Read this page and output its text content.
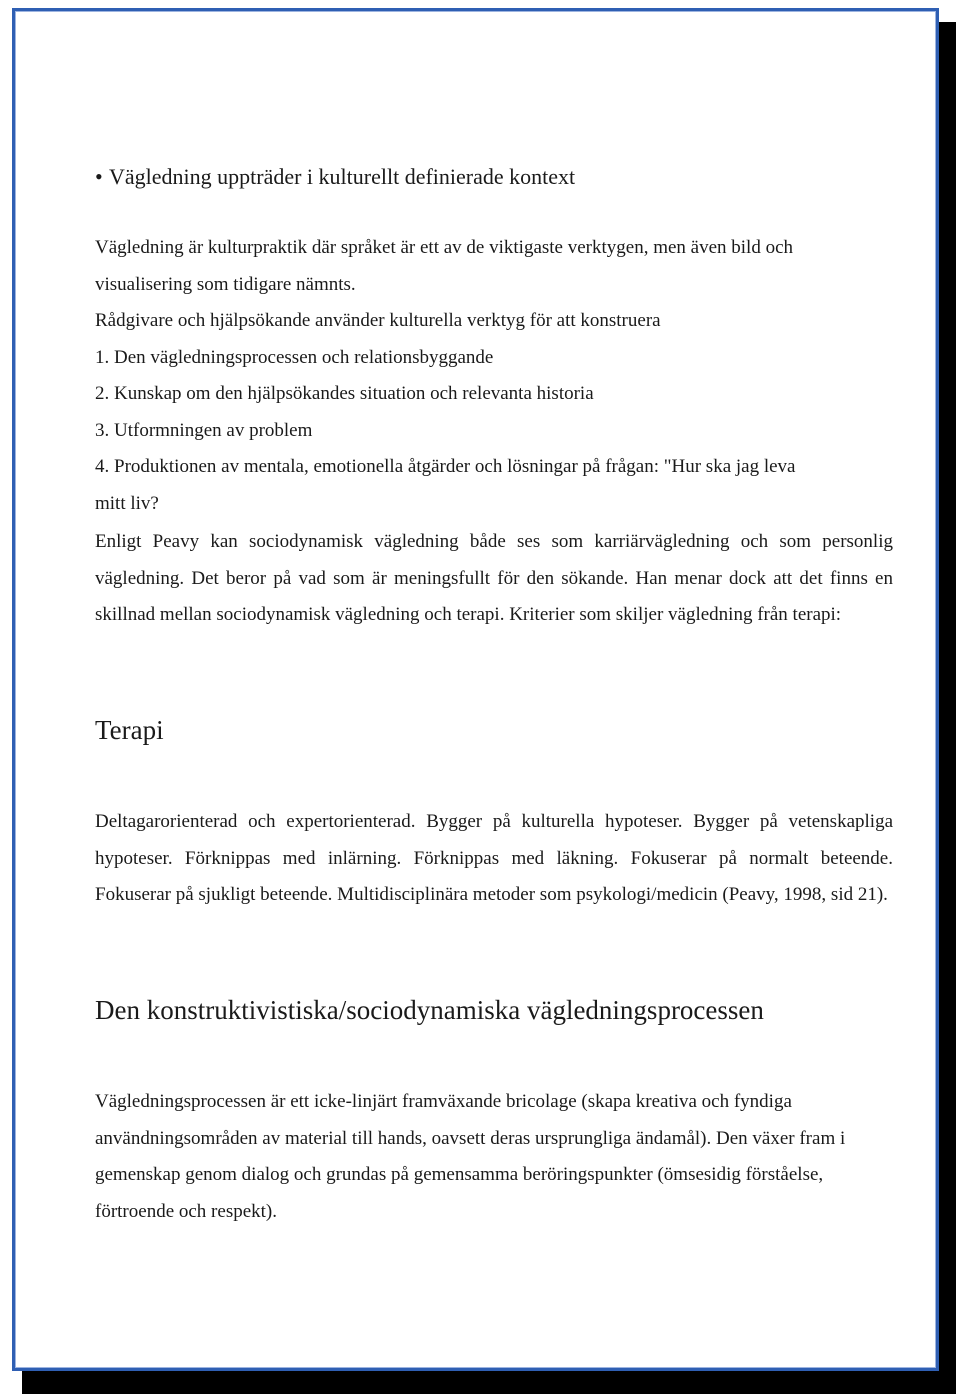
• Vägledning uppträder i kulturellt definierade kontext
Vägledning är kulturpraktik där språket är ett av de viktigaste verktygen, men även bild och visualisering som tidigare nämnts.
Rådgivare och hjälpsökande använder kulturella verktyg för att konstruera
1. Den vägledningsprocessen och relationsbyggande
2. Kunskap om den hjälpsökandes situation och relevanta historia
3. Utformningen av problem
4. Produktionen av mentala, emotionella åtgärder och lösningar på frågan: "Hur ska jag leva mitt liv?
Enligt Peavy kan sociodynamisk vägledning både ses som karriärvägledning och som personlig vägledning. Det beror på vad som är meningsfullt för den sökande. Han menar dock att det finns en skillnad mellan sociodynamisk vägledning och terapi. Kriterier som skiljer vägledning från terapi:
Terapi
Deltagarorienterad och expertorienterad. Bygger på kulturella hypoteser. Bygger på vetenskapliga hypoteser. Förknippas med inlärning. Förknippas med läkning. Fokuserar på normalt beteende. Fokuserar på sjukligt beteende. Multidisciplinära metoder som psykologi/medicin (Peavy, 1998, sid 21).
Den konstruktivistiska/sociodynamiska vägledningsprocessen
Vägledningsprocessen är ett icke-linjärt framväxande bricolage (skapa kreativa och fyndiga användningsområden av material till hands, oavsett deras ursprungliga ändamål). Den växer fram i gemenskap genom dialog och grundas på gemensamma beröringspunkter (ömsesidig förståelse, förtroende och respekt).
